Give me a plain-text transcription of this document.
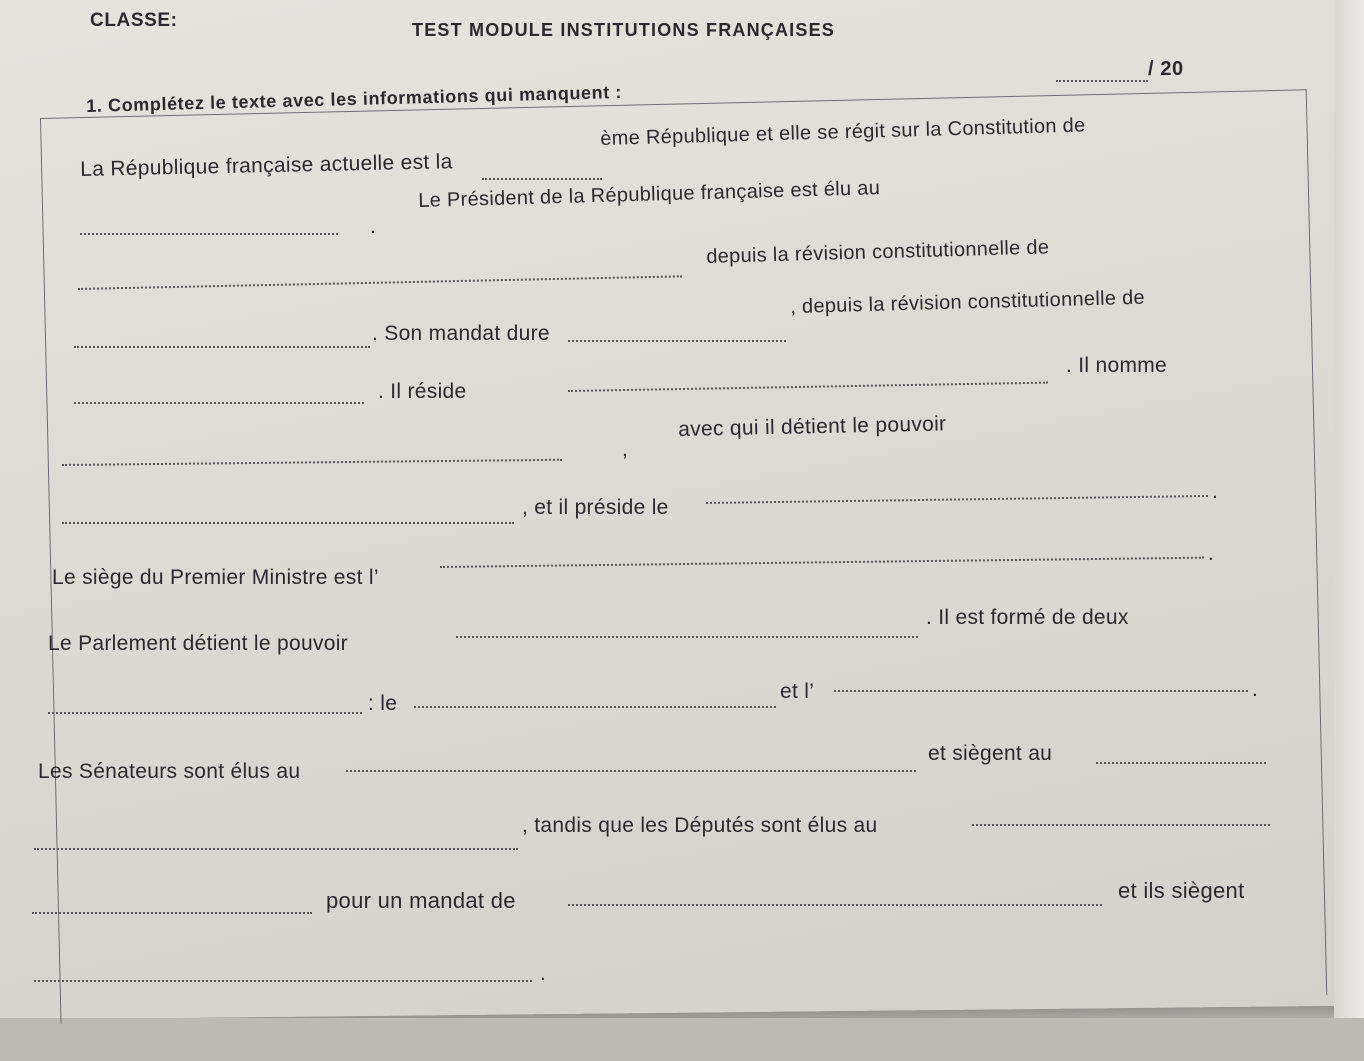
CLASSE:	TEST MODULE INSTITUTIONS FRANÇAISES
/ 20
1. Complétez le texte avec les informations qui manquent :
La République française actuelle est la
ème République et elle se régit sur la Constitution de
.
Le Président de la République française est élu au
depuis la révision constitutionnelle de
. Son mandat dure
, depuis la révision constitutionnelle de
. Il réside
. Il nomme
,
avec qui il détient le pouvoir
, et il préside le
.
Le siège du Premier Ministre est l’
.
Le Parlement détient le pouvoir
. Il est formé de deux
: le
et l’	.
Les Sénateurs sont élus au
et siègent au
, tandis que les Députés sont élus au
pour un mandat de	et ils siègent
.
